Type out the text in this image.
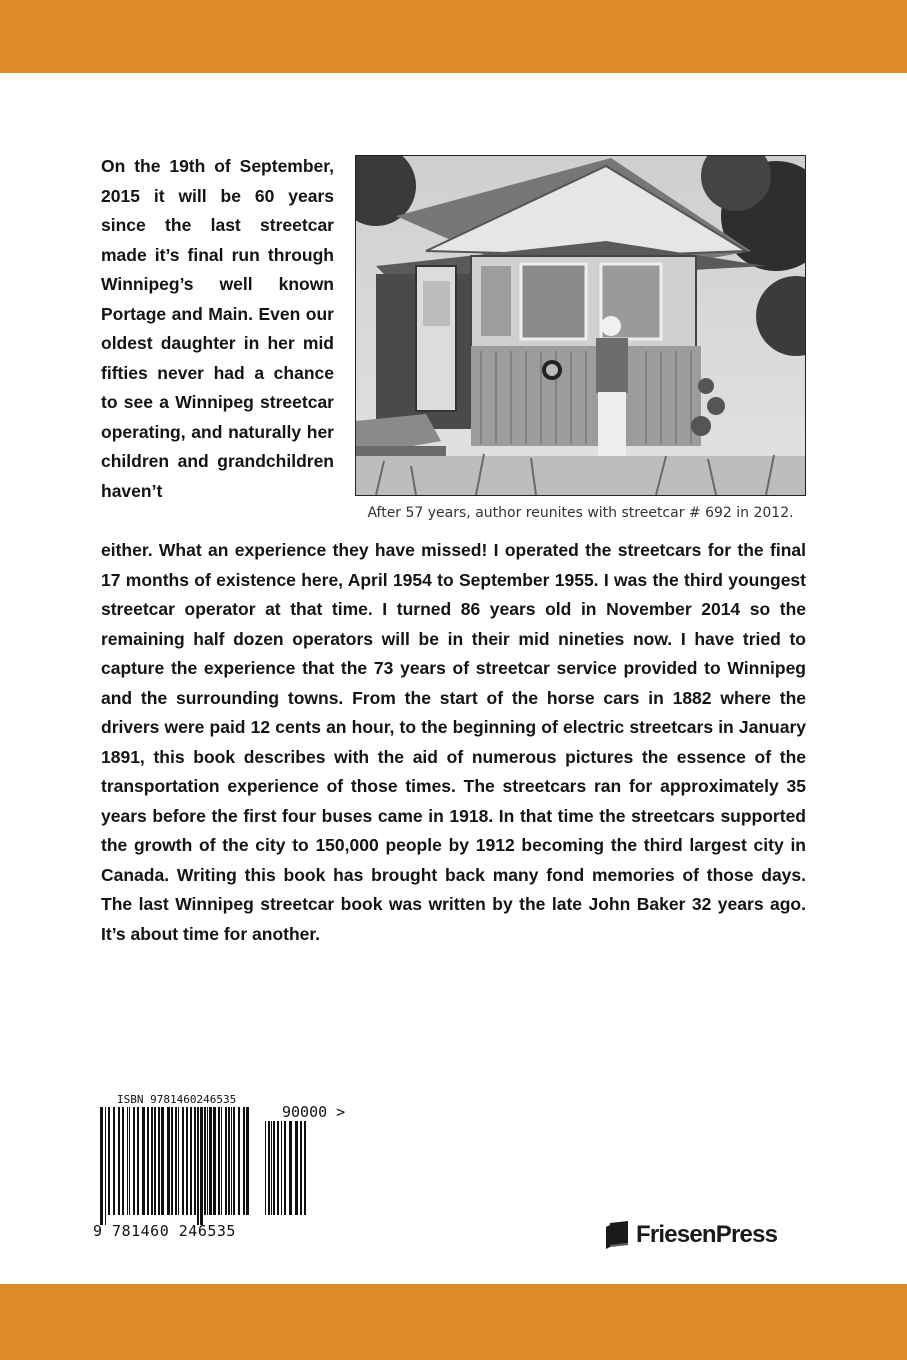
On the 19th of September, 2015 it will be 60 years since the last streetcar made it’s final run through Winnipeg’s well known Portage and Main. Even our oldest daughter in her mid fifties never had a chance to see a Winnipeg streetcar operating, and naturally her children and grandchildren haven’t

After 57 years, author reunites with streetcar # 692 in 2012.

either. What an experience they have missed! I operated the streetcars for the final 17 months of existence here, April 1954 to September 1955. I was the third youngest streetcar operator at that time. I turned 86 years old in November 2014 so the remaining half dozen operators will be in their mid nineties now. I have tried to capture the experience that the 73 years of streetcar service provided to Winnipeg and the surrounding towns. From the start of the horse cars in 1882 where the drivers were paid 12 cents an hour, to the beginning of electric streetcars in January 1891, this book describes with the aid of numerous pictures the essence of the transportation experience of those times. The streetcars ran for approximately 35 years before the first four buses came in 1918. In that time the streetcars supported the growth of the city to 150,000 people by 1912 becoming the third largest city in Canada. Writing this book has brought back many fond memories of those days. The last Winnipeg streetcar book was written by the late John Baker 32 years ago. It’s about time for another.

ISBN 9781460246535
90000 >
9 781460 246535	FriesenPress
